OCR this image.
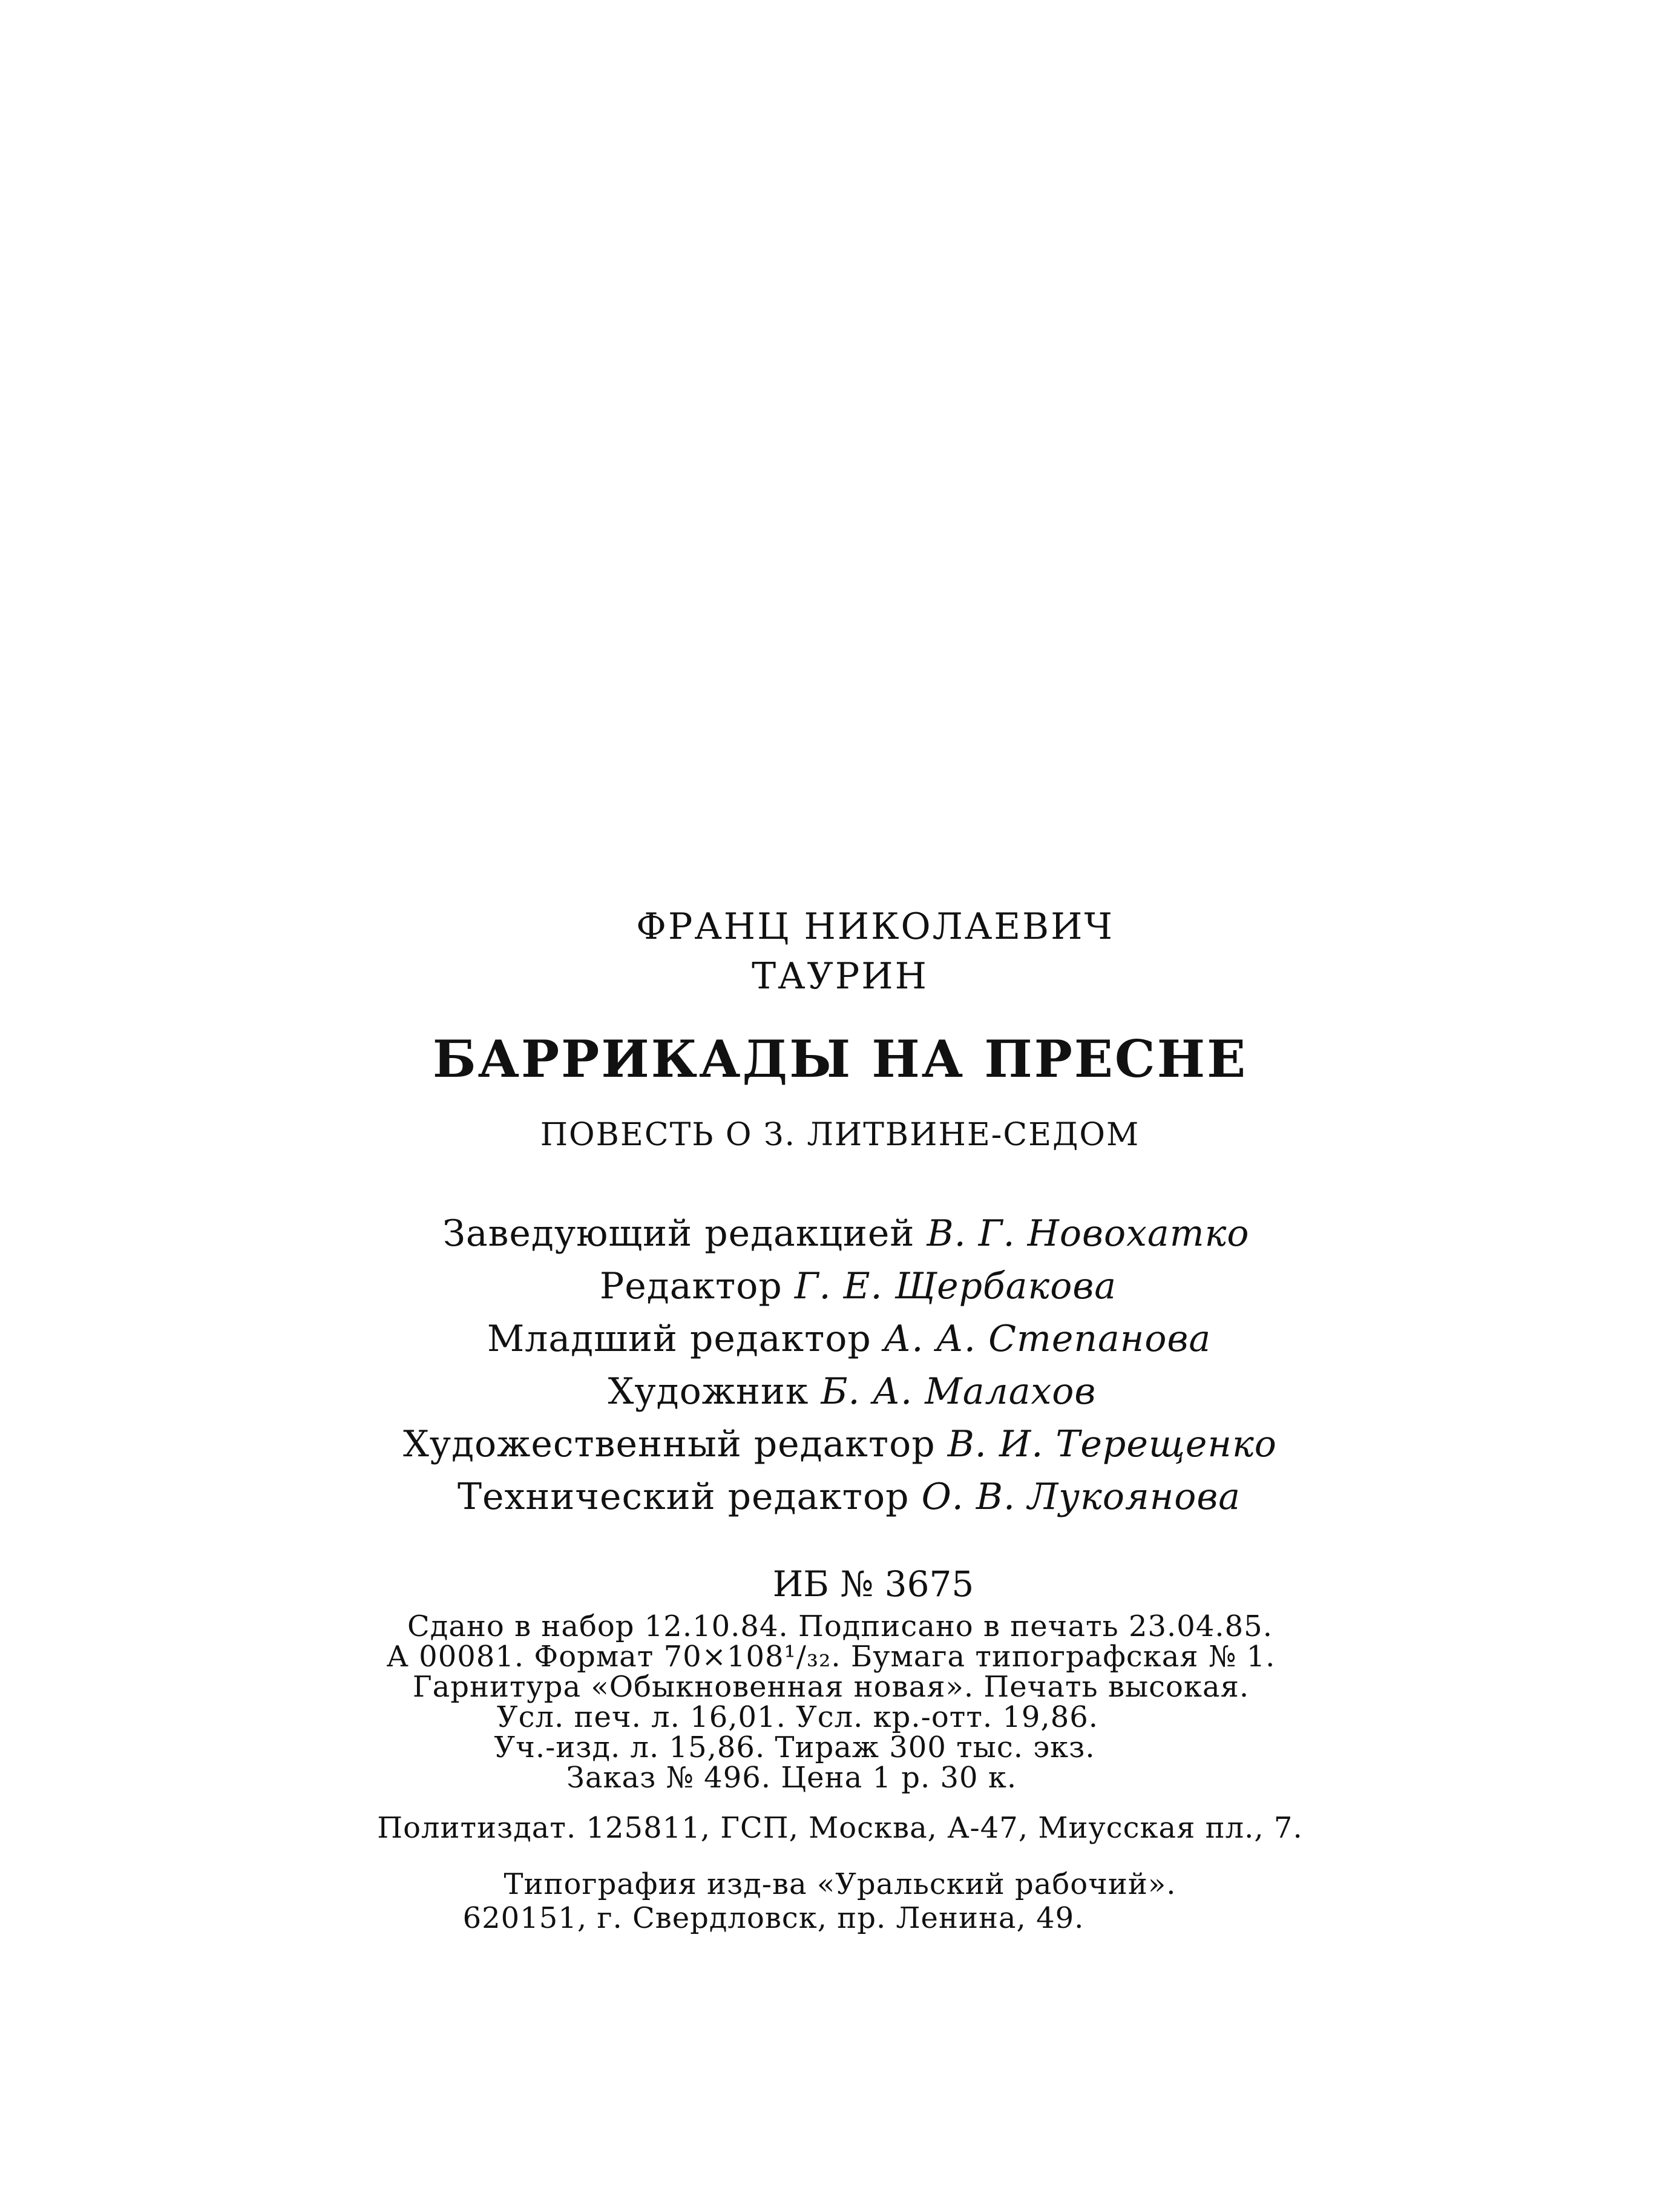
ФРАНЦ НИКОЛАЕВИЧ
ТАУРИН
БАРРИКАДЫ НА ПРЕСНЕ
ПОВЕСТЬ О З. ЛИТВИНЕ-СЕДОМ
Заведующий редакцией В. Г. Новохатко
Редактор Г. Е. Щербакова
Младший редактор А. А. Степанова
Художник Б. А. Малахов
Художественный редактор В. И. Терещенко
Технический редактор О. В. Лукоянова
ИБ № 3675
Сдано в набор 12.10.84. Подписано в печать 23.04.85.
А 00081. Формат 70×108¹/₃₂. Бумага типографская № 1.
Гарнитура «Обыкновенная новая». Печать высокая.
Усл. печ. л. 16,01. Усл. кр.-отт. 19,86.
Уч.-изд. л. 15,86. Тираж 300 тыс. экз.
Заказ № 496. Цена 1 р. 30 к.
Политиздат. 125811, ГСП, Москва, А-47, Миусская пл., 7.
Типография изд-ва «Уральский рабочий».
620151, г. Свердловск, пр. Ленина, 49.
